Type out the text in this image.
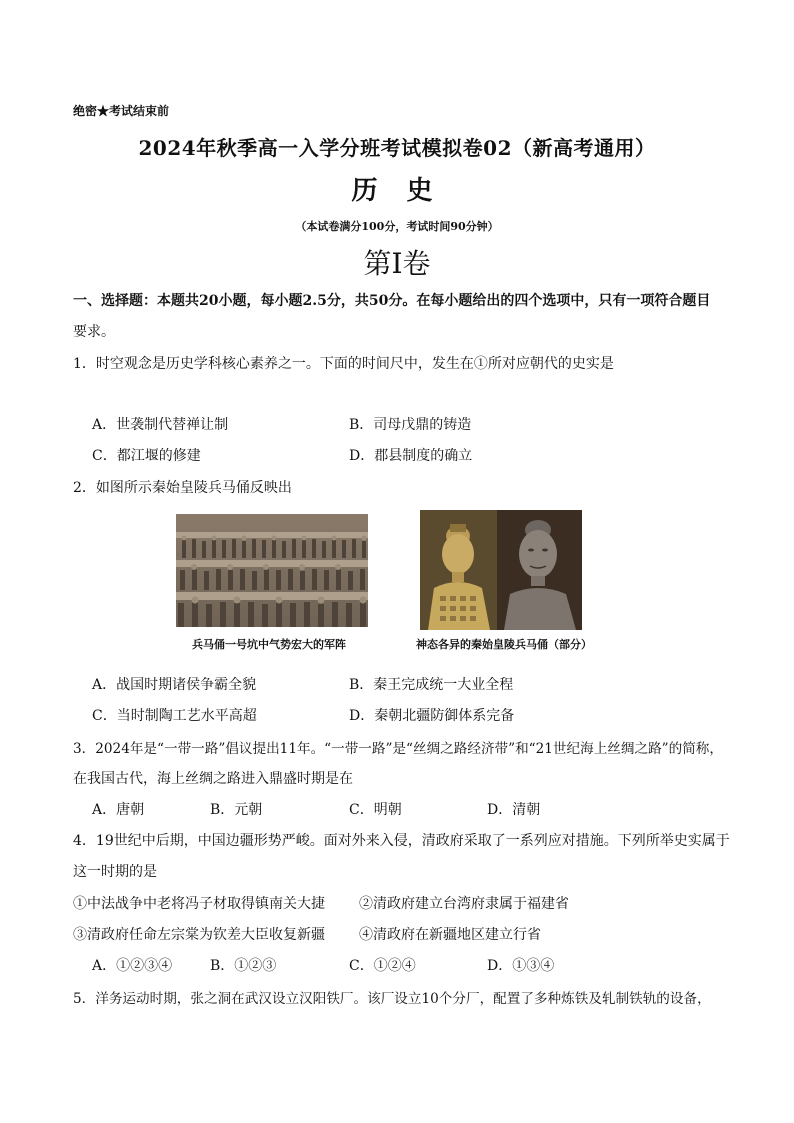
绝密★考试结束前
2024年秋季高一入学分班考试模拟卷02（新高考通用）
历 史
（本试卷满分100分，考试时间90分钟）
第Ⅰ卷
一、选择题：本题共20小题，每小题2.5分，共50分。在每小题给出的四个选项中，只有一项符合题目
要求。
1．时空观念是历史学科核心素养之一。下面的时间尺中，发生在①所对应朝代的史实是
A．世袭制代替禅让制	B．司母戊鼎的铸造
C．都江堰的修建	D．郡县制度的确立
2．如图所示秦始皇陵兵马俑反映出
兵马俑一号坑中气势宏大的军阵	神态各异的秦始皇陵兵马俑（部分）
A．战国时期诸侯争霸全貌	B．秦王完成统一大业全程
C．当时制陶工艺水平高超	D．秦朝北疆防御体系完备
3．2024年是“一带一路”倡议提出11年。“一带一路”是“丝绸之路经济带”和“21世纪海上丝绸之路”的简称，
在我国古代，海上丝绸之路进入鼎盛时期是在
A．唐朝	B．元朝	C．明朝	D．清朝
4．19世纪中后期，中国边疆形势严峻。面对外来入侵，清政府采取了一系列应对措施。下列所举史实属于
这一时期的是
①中法战争中老将冯子材取得镇南关大捷 ②清政府建立台湾府隶属于福建省
③清政府任命左宗棠为钦差大臣收复新疆 ④清政府在新疆地区建立行省
A．①②③④	B．①②③	C．①②④	D．①③④
5．洋务运动时期，张之洞在武汉设立汉阳铁厂。该厂设立10个分厂，配置了多种炼铁及轧制铁轨的设备，
